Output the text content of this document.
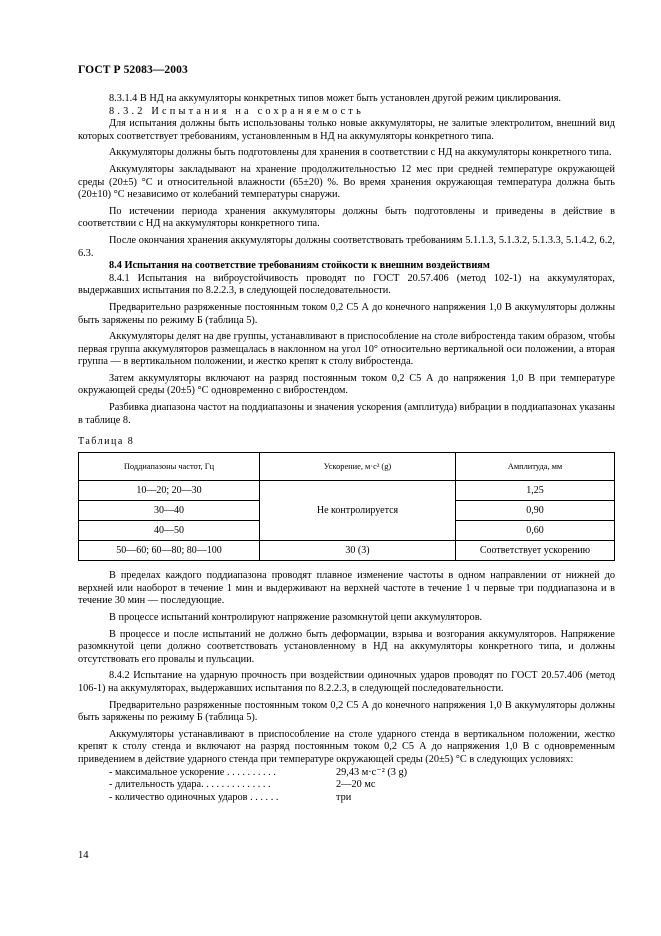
ГОСТ Р 52083—2003

8.3.1.4 В НД на аккумуляторы конкретных типов может быть установлен другой режим циклирования.

8.3.2 Испытания на сохраняемость

Для испытания должны быть использованы только новые аккумуляторы, не залитые электролитом, внешний вид которых соответствует требованиям, установленным в НД на аккумуляторы конкретного типа.

Аккумуляторы должны быть подготовлены для хранения в соответствии с НД на аккумуляторы конкретного типа.

Аккумуляторы закладывают на хранение продолжительностью 12 мес при средней температуре окружающей среды (20±5) °С и относительной влажности (65±20) %. Во время хранения окружающая температура должна быть (20±10) °С независимо от колебаний температуры снаружи.

По истечении периода хранения аккумуляторы должны быть подготовлены и приведены в действие в соответствии с НД на аккумуляторы конкретного типа.

После окончания хранения аккумуляторы должны соответствовать требованиям 5.1.1.3, 5.1.3.2, 5.1.3.3, 5.1.4.2, 6.2, 6.3.

8.4 Испытания на соответствие требованиям стойкости к внешним воздействиям

8.4.1 Испытания на виброустойчивость проводят по ГОСТ 20.57.406 (метод 102-1) на аккумуляторах, выдержавших испытания по 8.2.2.3, в следующей последовательности.

Предварительно разряженные постоянным током 0,2 C5 А до конечного напряжения 1,0 В аккумуляторы должны быть заряжены по режиму Б (таблица 5).

Аккумуляторы делят на две группы, устанавливают в приспособление на столе вибростенда таким образом, чтобы первая группа аккумуляторов размещалась в наклонном на угол 10° относительно вертикальной оси положении, а вторая группа — в вертикальном положении, и жестко крепят к столу вибростенда.

Затем аккумуляторы включают на разряд постоянным током 0,2 C5 А до напряжения 1,0 В при температуре окружающей среды (20±5) °С одновременно с вибростендом.

Разбивка диапазона частот на поддиапазоны и значения ускорения (амплитуда) вибрации в поддиапазонах указаны в таблице 8.

Таблица 8
Поддиапазоны частот, Гц	Ускорение, м·с² (g)	Амплитуда, мм
10—20; 20—30	Не контролируется	1,25
30—40		0,90
40—50		0,60
50—60; 60—80; 80—100	30 (3)	Соответствует ускорению

В пределах каждого поддиапазона проводят плавное изменение частоты в одном направлении от нижней до верхней или наоборот в течение 1 мин и выдерживают на верхней частоте в течение 1 ч первые три поддиапазона и в течение 30 мин — последующие.

В процессе испытаний контролируют напряжение разомкнутой цепи аккумуляторов.

В процессе и после испытаний не должно быть деформации, взрыва и возгорания аккумуляторов. Напряжение разомкнутой цепи должно соответствовать установленному в НД на аккумуляторы конкретного типа, и должны отсутствовать его провалы и пульсации.

8.4.2 Испытание на ударную прочность при воздействии одиночных ударов проводят по ГОСТ 20.57.406 (метод 106-1) на аккумуляторах, выдержавших испытания по 8.2.2.3, в следующей последовательности.

Предварительно разряженные постоянным током 0,2 C5 А до конечного напряжения 1,0 В аккумуляторы должны быть заряжены по режиму Б (таблица 5).

Аккумуляторы устанавливают в приспособление на столе ударного стенда в вертикальном положении, жестко крепят к столу стенда и включают на разряд постоянным током 0,2 C5 А до напряжения 1,0 В с одновременным приведением в действие ударного стенда при температуре окружающей среды (20±5) °С в следующих условиях:

- максимальное ускорение . . . . . . . . . .	29,43 м·с⁻² (3 g)
- длительность удара. . . . . . . . . . . . . .	2—20 мс
- количество одиночных ударов . . . . . .	три
14
